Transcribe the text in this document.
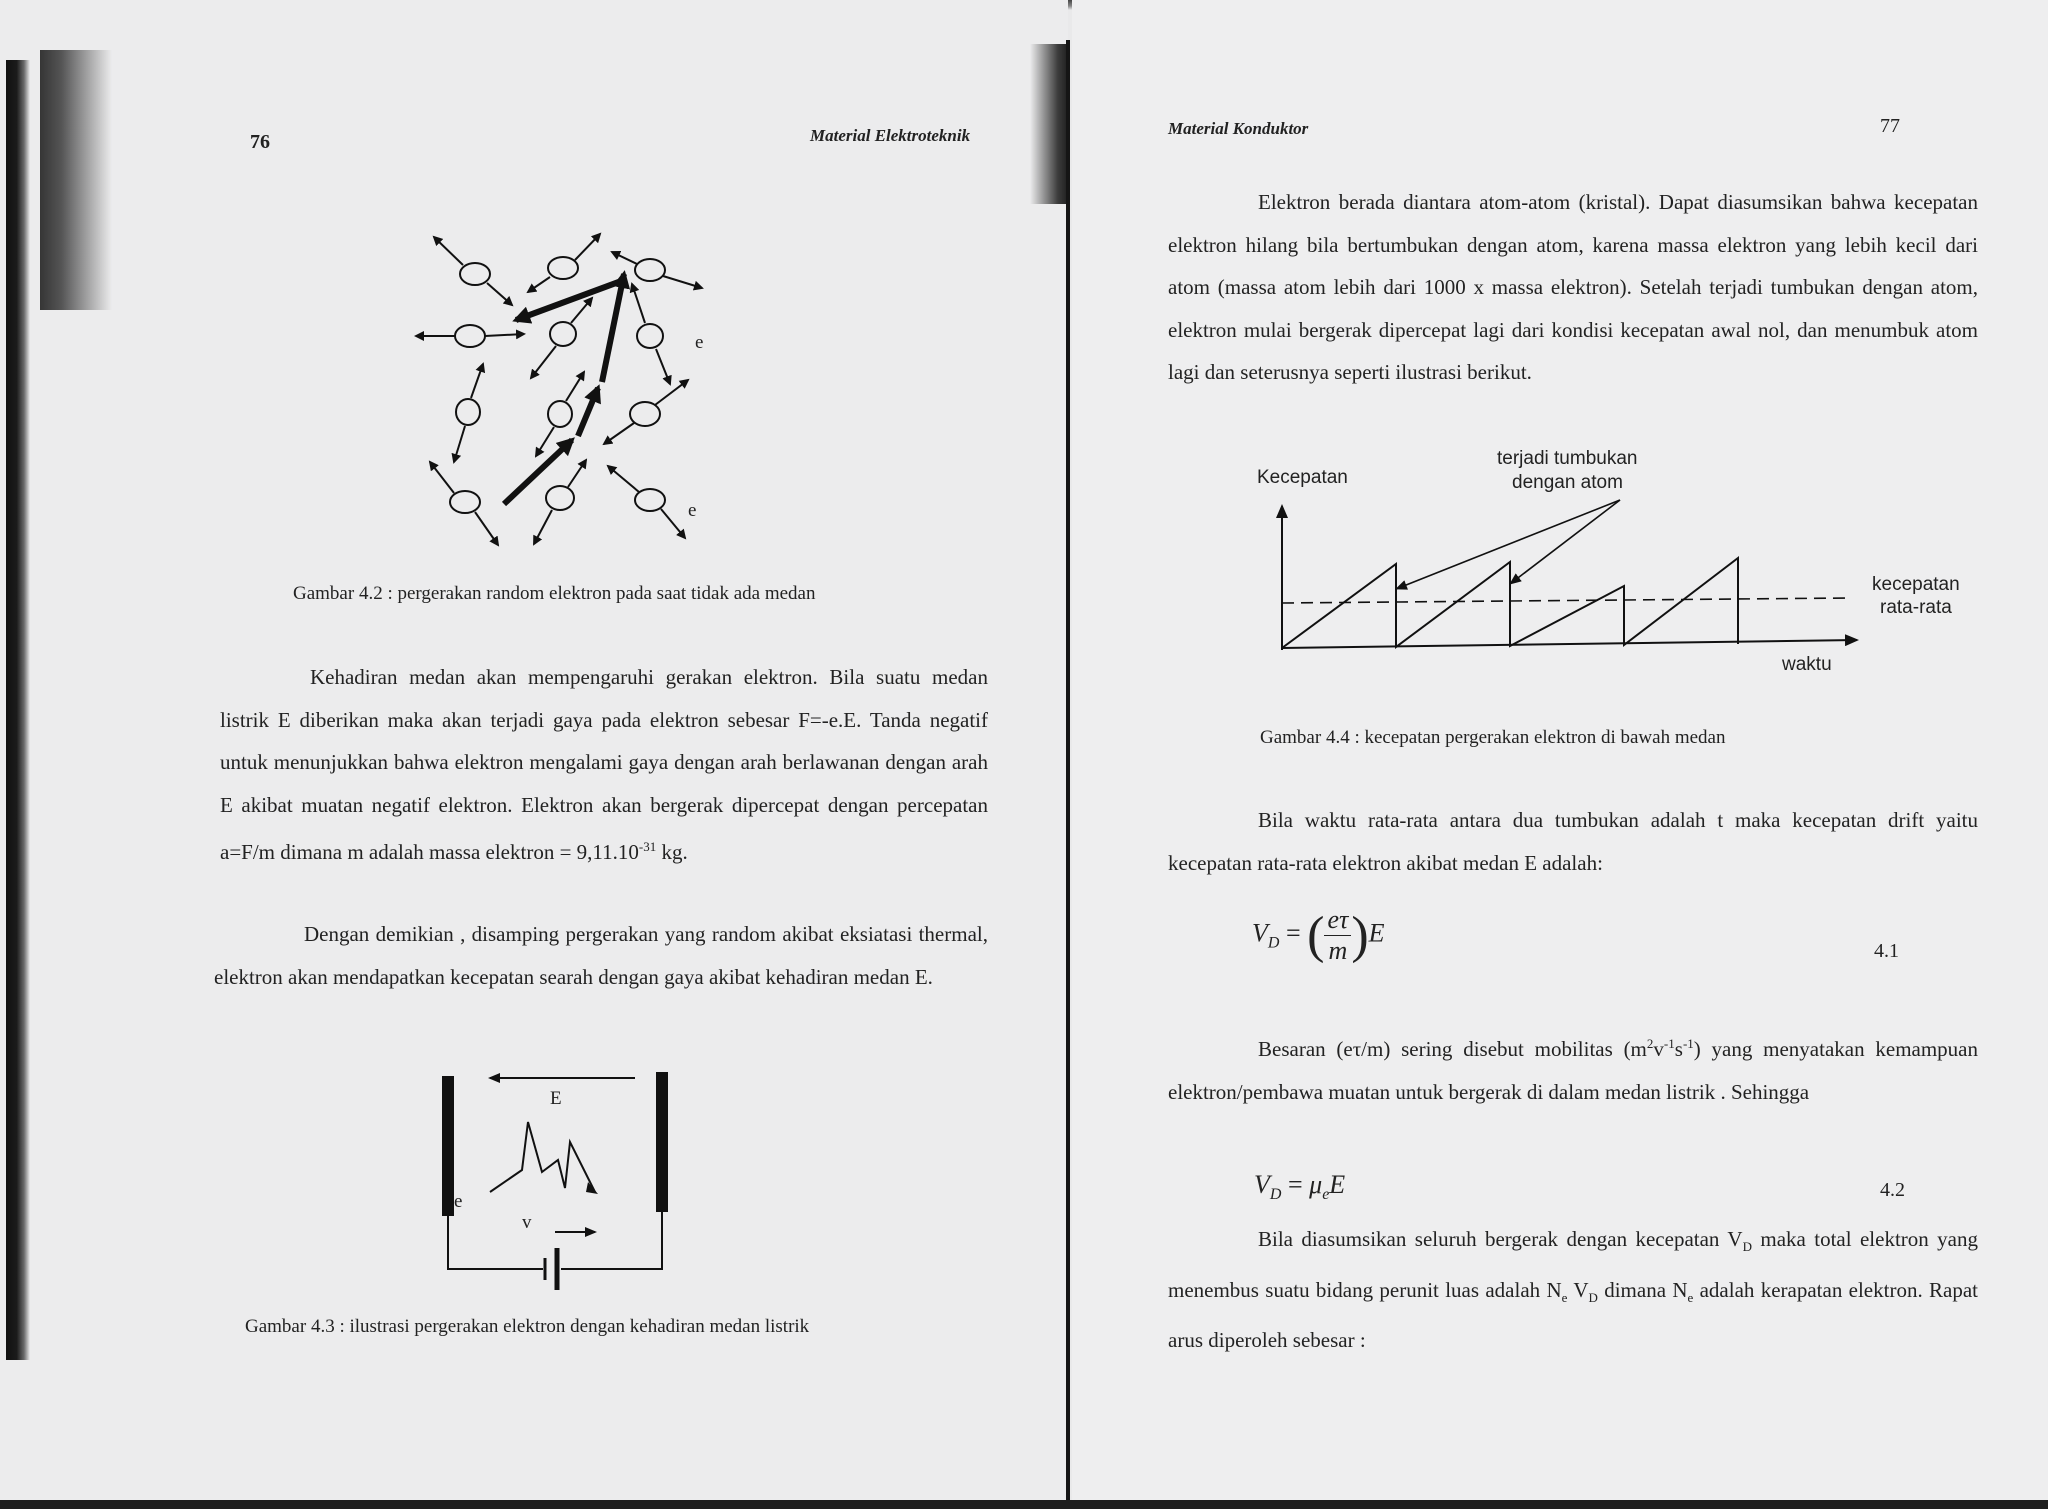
76	Material Elektroteknik
e
e
Gambar 4.2 : pergerakan random elektron pada saat tidak ada medan
Kehadiran medan akan mempengaruhi gerakan elektron. Bila suatu medan listrik E diberikan maka akan terjadi gaya pada elektron sebesar F=-e.E. Tanda negatif untuk menunjukkan bahwa elektron mengalami gaya dengan arah berlawanan dengan arah E akibat muatan negatif elektron. Elektron akan bergerak dipercepat dengan percepatan a=F/m dimana m adalah massa elektron = $9,11.10^{-31}$ kg.
Dengan demikian , disamping pergerakan yang random akibat eksiatasi thermal, elektron akan mendapatkan kecepatan searah dengan gaya akibat kehadiran medan E.
E
e
v
Gambar 4.3 : ilustrasi pergerakan elektron dengan kehadiran medan listrik
Material Konduktor	77
Elektron berada diantara atom-atom (kristal). Dapat diasumsikan bahwa kecepatan elektron hilang bila bertumbukan dengan atom, karena massa elektron yang lebih kecil dari atom (massa atom lebih dari 1000 x massa elektron). Setelah terjadi tumbukan dengan atom, elektron mulai bergerak dipercepat lagi dari kondisi kecepatan awal nol, dan menumbuk atom lagi dan seterusnya seperti ilustrasi berikut.
Kecepatan
terjadi tumbukan
dengan atom
kecepatan
rata-rata
waktu
Gambar 4.4 : kecepatan pergerakan elektron di bawah medan
Bila waktu rata-rata antara dua tumbukan adalah t maka kecepatan drift yaitu kecepatan rata-rata elektron akibat medan E adalah:
$V_D$ = ( $\frac{e\tau}{m} )E$
4.1
Besaran (eτ/m) sering disebut mobilitas $(m^2v^{-1}s^{-1})$ yang menyatakan kemampuan elektron/pembawa muatan untuk bergerak di dalam medan listrik . Sehingga
$V_D = \mu_eE$	4.2
Bila diasumsikan seluruh bergerak dengan kecepatan $V_D$ maka total elektron yang menembus suatu bidang perunit luas adalah $N_e$ $V_D$ dimana $N_e$ adalah kerapatan elektron. Rapat arus diperoleh sebesar :
